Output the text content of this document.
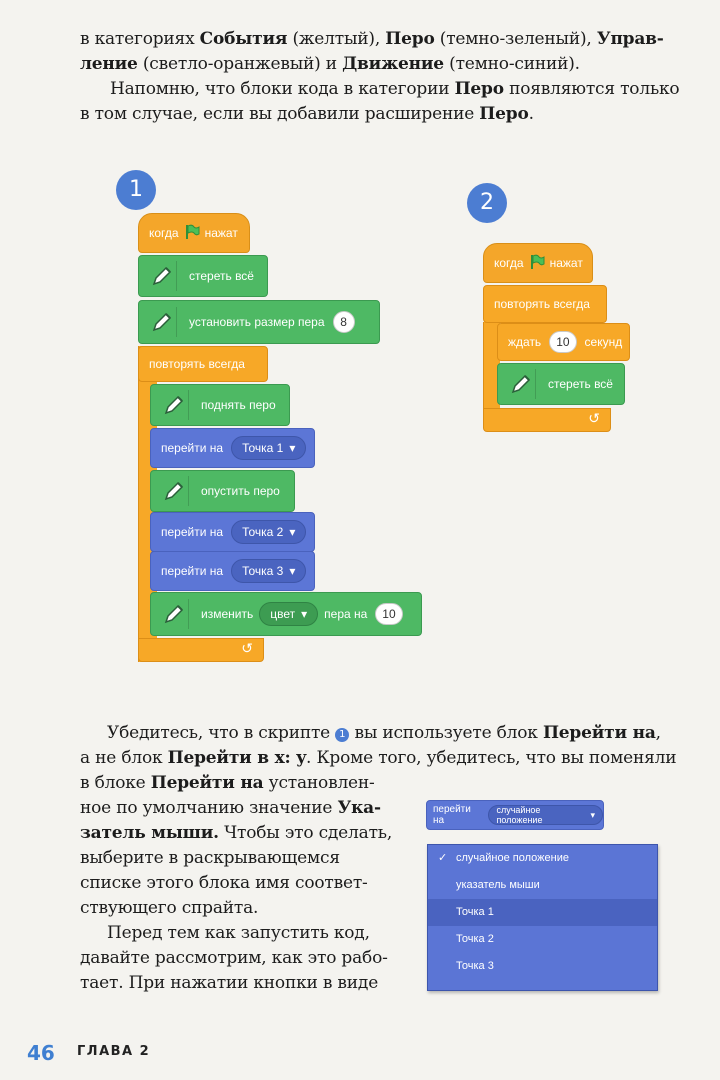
в категориях События (желтый), Перо (темно-зеленый), Управ-
ление (светло-оранжевый) и Движение (темно-синий).
Напомню, что блоки кода в категории Перо появляются только
в том случае, если вы добавили расширение Перо.

1
когда нажат
стереть всё
установить размер пера	8
повторять всегда
поднять перо
перейти на Точка 1 ▾
опустить перо
перейти на Точка 2 ▾
перейти на Точка 3 ▾
изменить цвет ▾ пера на	10
↺
2
когда нажат
повторять всегда
ждать	10	секунд
стереть всё
↺
Убедитесь, что в скрипте 1 вы используете блок Перейти на,
а не блок Перейти в x: y. Кроме того, убедитесь, что вы поменяли
в блоке Перейти на установлен-
ное по умолчанию значение Ука-
затель мыши. Чтобы это сделать,
выберите в раскрывающемся
списке этого блока имя соответ-
ствующего спрайта.
Перед тем как запустить код,
давайте рассмотрим, как это рабо-
тает. При нажатии кнопки в виде
перейти на
случайное положение
▾
✓ случайное положение
указатель мыши
Точка 1
Точка 2
Точка 3
46 ГЛАВА 2
